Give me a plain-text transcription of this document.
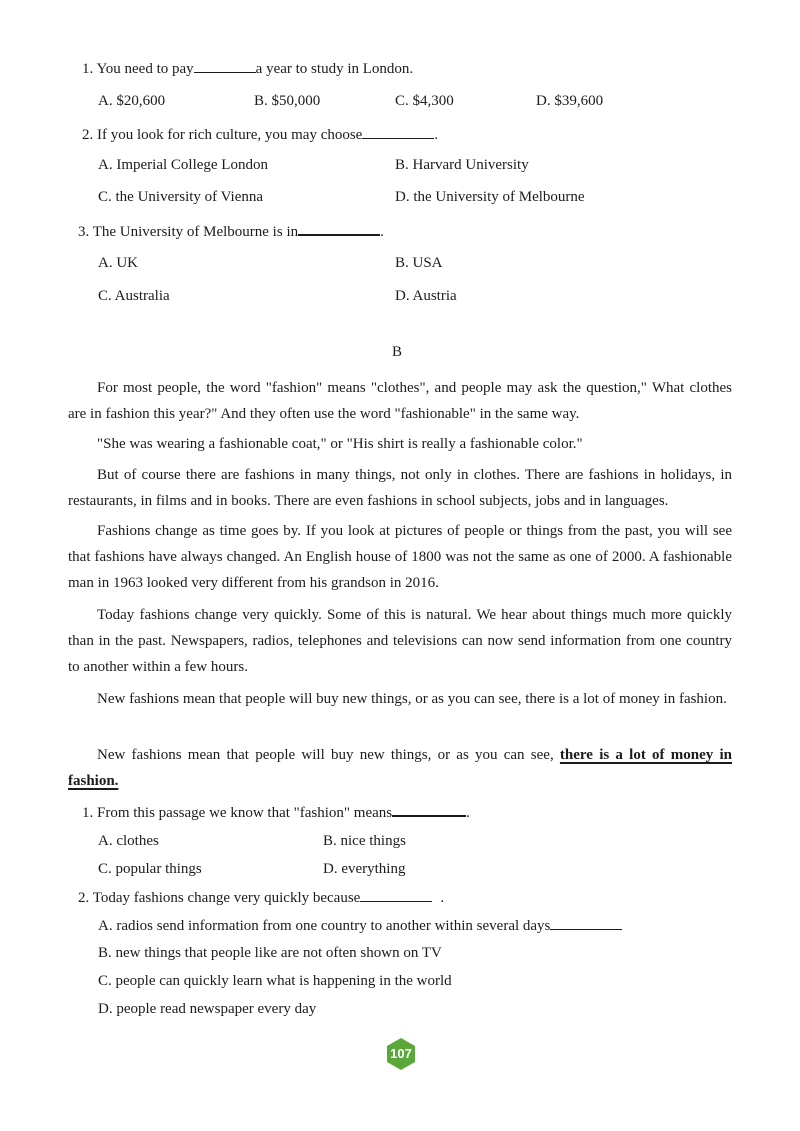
1. You need to pay	a year to study in London.
A. $20,600	B. $50,000	C. $4,300	D. $39,600
2. If you look for rich culture, you may choose	.
A. Imperial College London	B. Harvard University
C. the University of Vienna	D. the University of Melbourne
3. The University of Melbourne is in	.
A. UK	B. USA
C. Australia	D. Austria
B
For most people, the word "fashion" means "clothes", and people may ask the question," What clothes are in fashion this year?" And they often use the word "fashionable" in the same way.
"She was wearing a fashionable coat," or "His shirt is really a fashionable color."
But of course there are fashions in many things, not only in clothes. There are fashions in holidays, in restaurants, in films and in books. There are even fashions in school subjects, jobs and in languages.
Fashions change as time goes by. If you look at pictures of people or things from the past, you will see that fashions have always changed. An English house of 1800 was not the same as one of 2000. A fashionable man in 1963 looked very different from his grandson in 2016.
Today fashions change very quickly. Some of this is natural. We hear about things much more quickly than in the past. Newspapers, radios, telephones and televisions can now send information from one country to another within a few hours.
New fashions mean that people will buy new things, or as you can see, there is a lot of money in fashion.
New fashions mean that people will buy new things, or as you can see, there is a lot of money in fashion.
1. From this passage we know that "fashion" means	.
A. clothes	B. nice things
C. popular things	D. everything
2. Today fashions change very quickly because	.
A. radios send information from one country to another within several days
B. new things that people like are not often shown on TV
C. people can quickly learn what is happening in the world
D. people read newspaper every day
107
